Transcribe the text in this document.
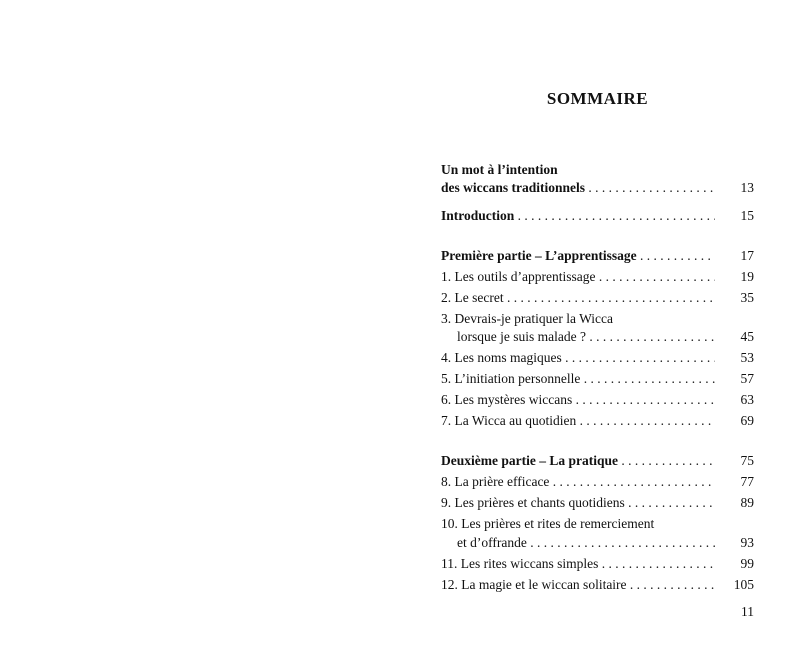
SOMMAIRE
Un mot à l’intention
des wiccans traditionnels . . .	13
Introduction . . .	15
Première partie – L’apprentissage . . .	17
1. Les outils d’apprentissage . . .	19
2. Le secret . . .	35
3. Devrais-je pratiquer la Wicca
lorsque je suis malade ? . . .	45
4. Les noms magiques . . .	53
5. L’initiation personnelle . . .	57
6. Les mystères wiccans . . .	63
7. La Wicca au quotidien . . .	69
Deuxième partie – La pratique . . .	75
8. La prière efficace . . .	77
9. Les prières et chants quotidiens . . .	89
10. Les prières et rites de remerciement
et d’offrande . . .	93
11. Les rites wiccans simples . . .	99
12. La magie et le wiccan solitaire . . .	105
11
